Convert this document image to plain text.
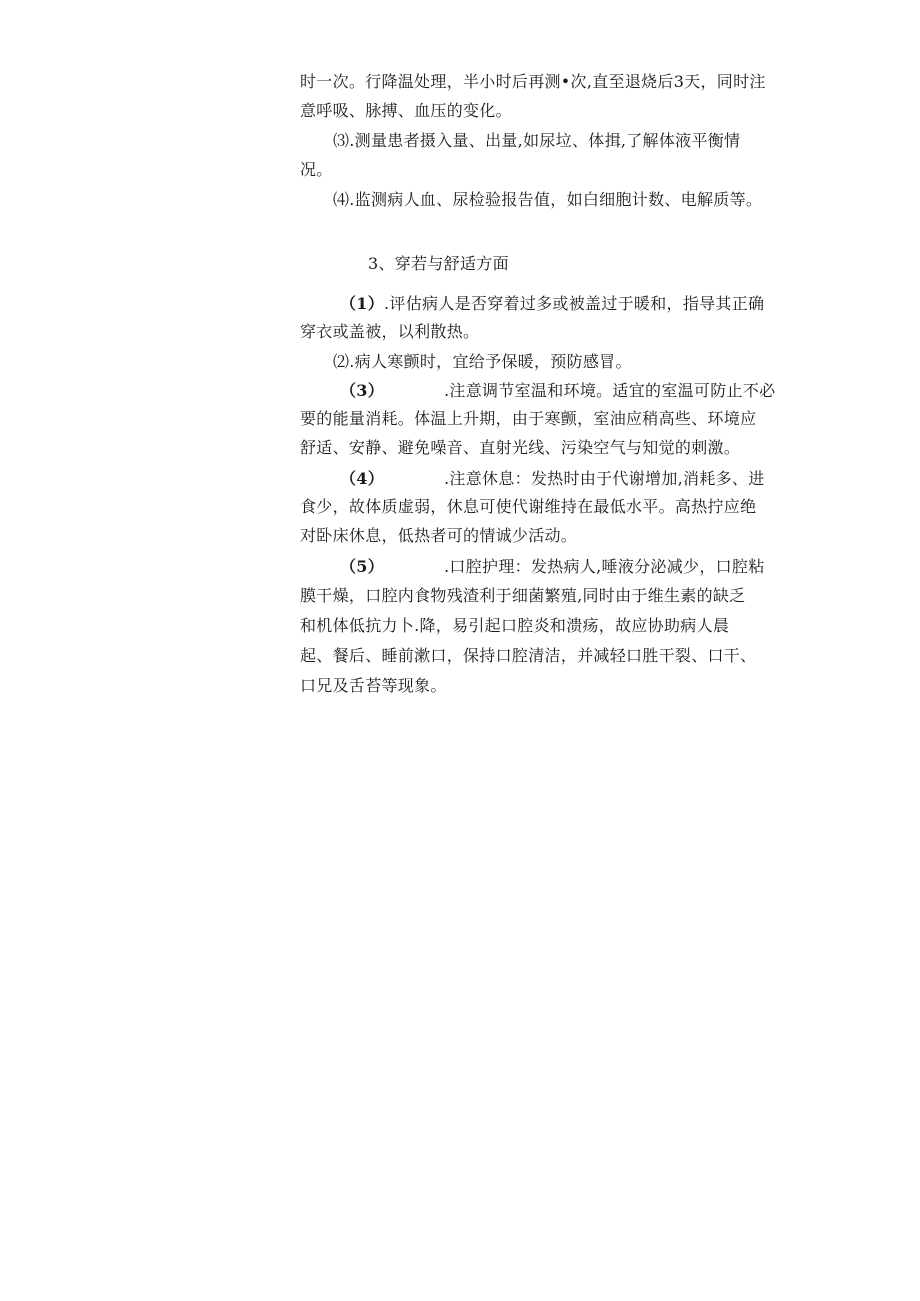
时一次。行降温处理，半小时后再测•次,直至退烧后3天，同时注
意呼吸、脉搏、血压的变化。
⑶.测量患者摄入量、出量,如尿垃、体揖,了解体液平衡情
况。
⑷.监测病人血、尿检验报告值，如白细胞计数、电解质等。
3、穿若与舒适方面
（1）.评估病人是否穿着过多或被盖过于暖和，指导其正确
穿衣或盖被，以利散热。
⑵.病人寒颤时，宜给予保暖，预防感冒。
（3）	.注意调节室温和环境。适宜的室温可防止不必
要的能量消耗。体温上升期，由于寒颤，室油应稍高些、环境应
舒适、安静、避免噪音、直射光线、污染空气与知觉的刺激。
（4）	.注意休息：发热时由于代谢增加,消耗多、进
食少，故体质虚弱，休息可使代谢维持在最低水平。高热拧应绝
对卧床休息，低热者可的情诚少活动。
（5）	.口腔护理：发热病人,唾液分泌减少，口腔粘
膜干燥，口腔内食物残渣利于细菌繁殖,同时由于维生素的缺乏
和机体低抗力卜.降，易引起口腔炎和溃疡，故应协助病人晨
起、餐后、睡前漱口，保持口腔清洁，并减轻口胜干裂、口干、
口兄及舌苔等现象。
